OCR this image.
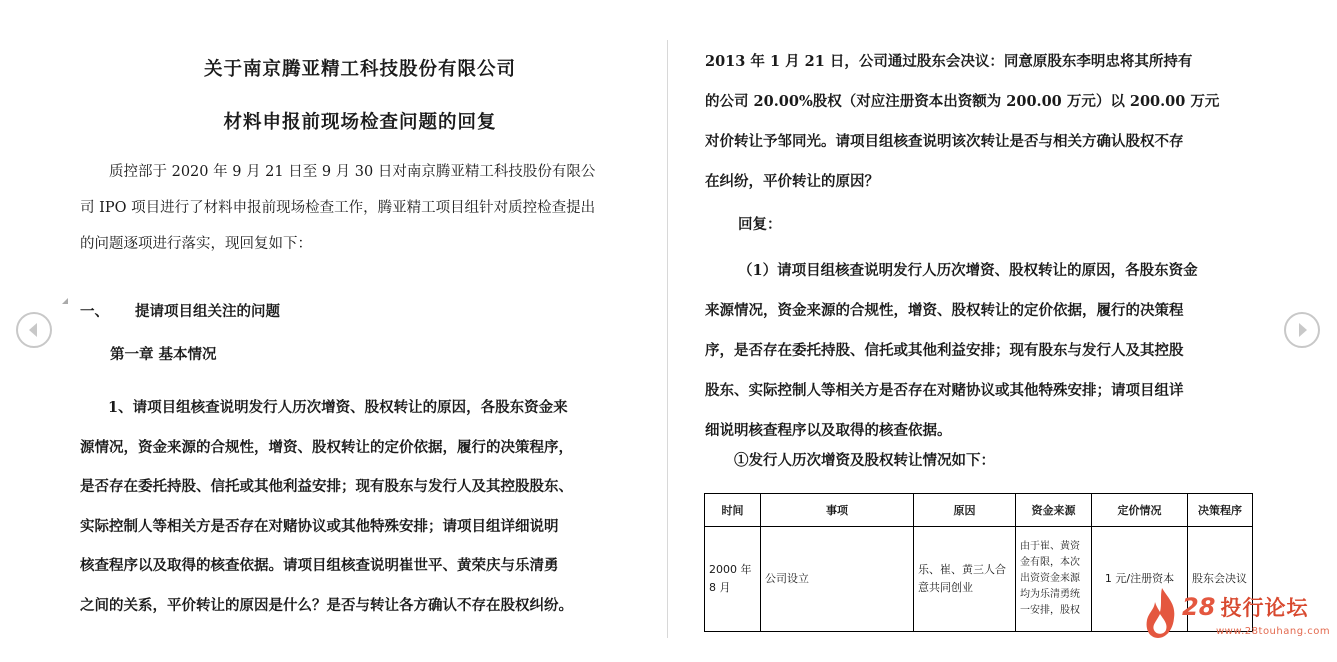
关于南京腾亚精工科技股份有限公司
材料申报前现场检查问题的回复
质控部于 2020 年 9 月 21 日至 9 月 30 日对南京腾亚精工科技股份有限公
司 IPO 项目进行了材料申报前现场检查工作，腾亚精工项目组针对质控检查提出
的问题逐项进行落实，现回复如下：
一、 提请项目组关注的问题
第一章 基本情况
1、请项目组核查说明发行人历次增资、股权转让的原因，各股东资金来
源情况，资金来源的合规性，增资、股权转让的定价依据，履行的决策程序，
是否存在委托持股、信托或其他利益安排；现有股东与发行人及其控股股东、
实际控制人等相关方是否存在对赌协议或其他特殊安排；请项目组详细说明
核查程序以及取得的核查依据。请项目组核查说明崔世平、黄荣庆与乐清勇
之间的关系，平价转让的原因是什么？是否与转让各方确认不存在股权纠纷。
2013 年 1 月 21 日，公司通过股东会决议：同意原股东李明忠将其所持有
的公司 20.00%股权（对应注册资本出资额为 200.00 万元）以 200.00 万元
对价转让予邹同光。请项目组核查说明该次转让是否与相关方确认股权不存
在纠纷，平价转让的原因？
回复：
（1）请项目组核查说明发行人历次增资、股权转让的原因，各股东资金
来源情况，资金来源的合规性，增资、股权转让的定价依据，履行的决策程
序，是否存在委托持股、信托或其他利益安排；现有股东与发行人及其控股
股东、实际控制人等相关方是否存在对赌协议或其他特殊安排；请项目组详
细说明核查程序以及取得的核查依据。
①发行人历次增资及股权转让情况如下：
时间	事项	原因	资金来源	定价情况	决策程序
2000 年 8 月	公司设立	乐、崔、黄三人合意共同创业	由于崔、黄资金有限，本次出资资金来源均为乐清勇统一安排，股权	1 元/注册资本	股东会决议
28 投行论坛
www.28touhang.com
